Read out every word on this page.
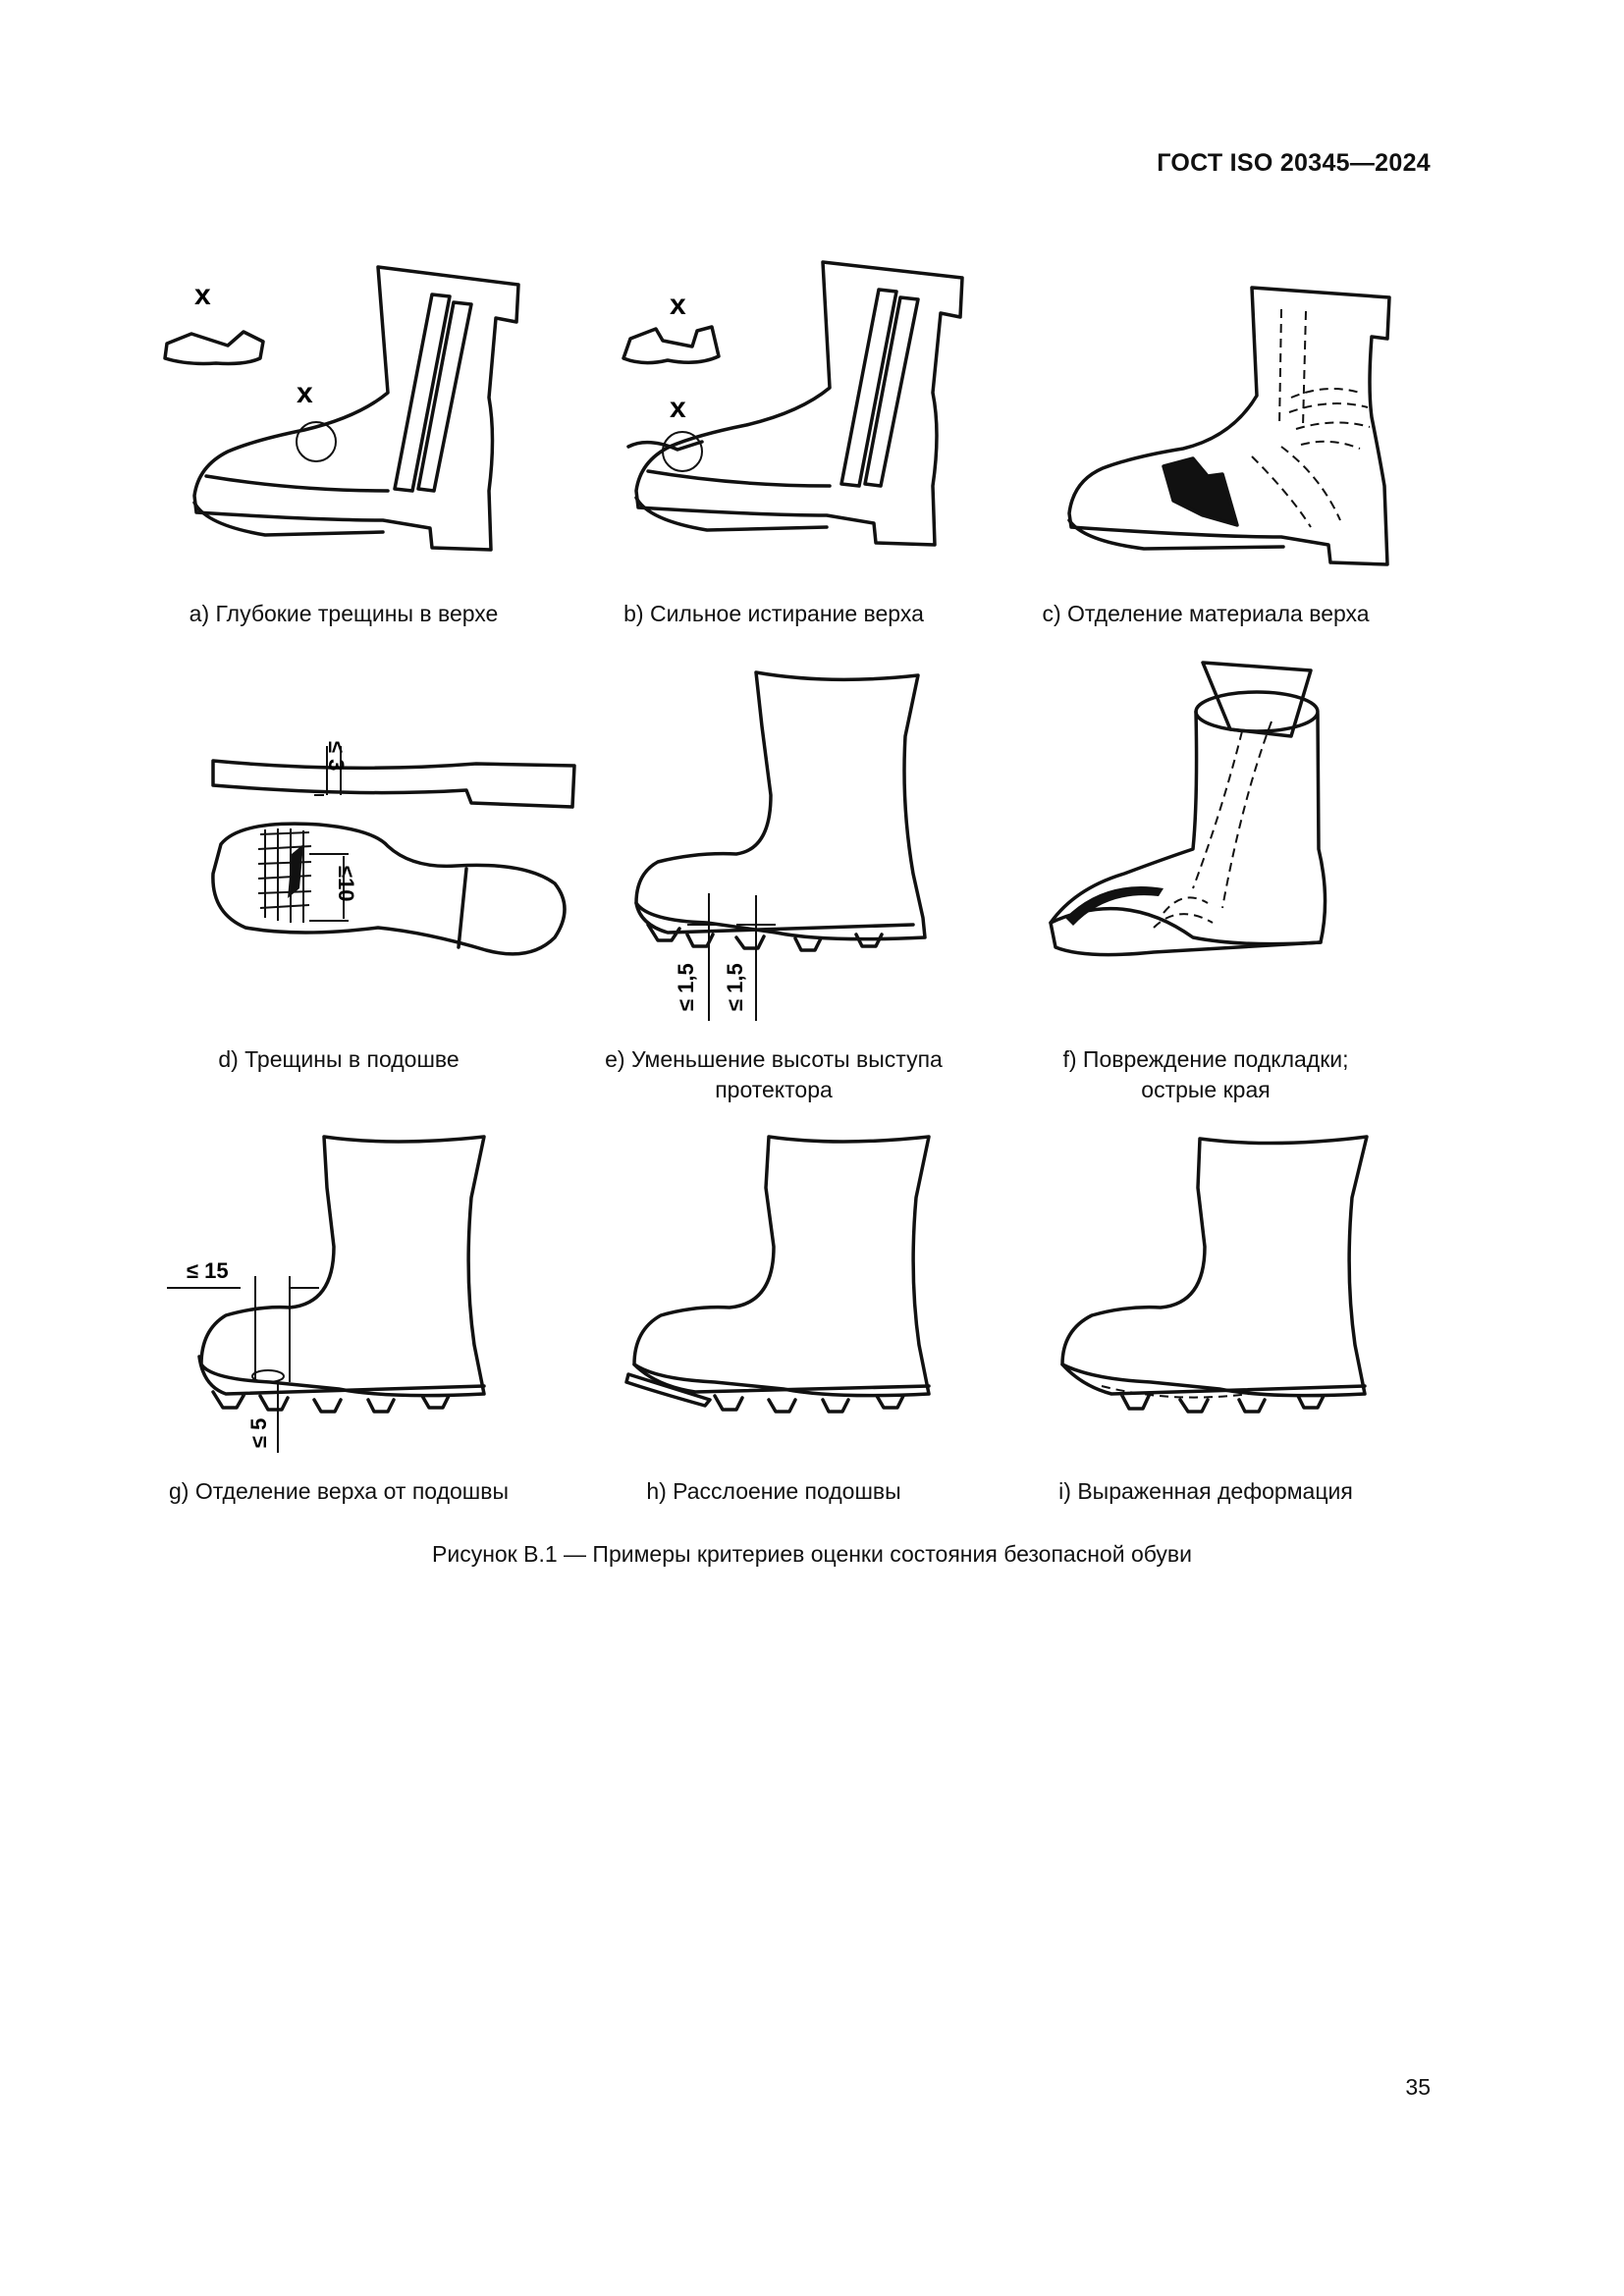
ГОСТ ISO 20345—2024
x
x
a) Глубокие трещины в верхе
x
x
b) Сильное истирание верха	c) Отделение материала верха
≤ 3
≤10
d) Трещины в подошве
≤ 1,5 ≤ 1,5
e) Уменьшение высоты выступа
протектора
f) Повреждение подкладки;
острые края
≤ 15
≤ 5
g) Отделение верха от подошвы	h) Расслоение подошвы	i) Выраженная деформация
Рисунок В.1 — Примеры критериев оценки состояния безопасной обуви
35
